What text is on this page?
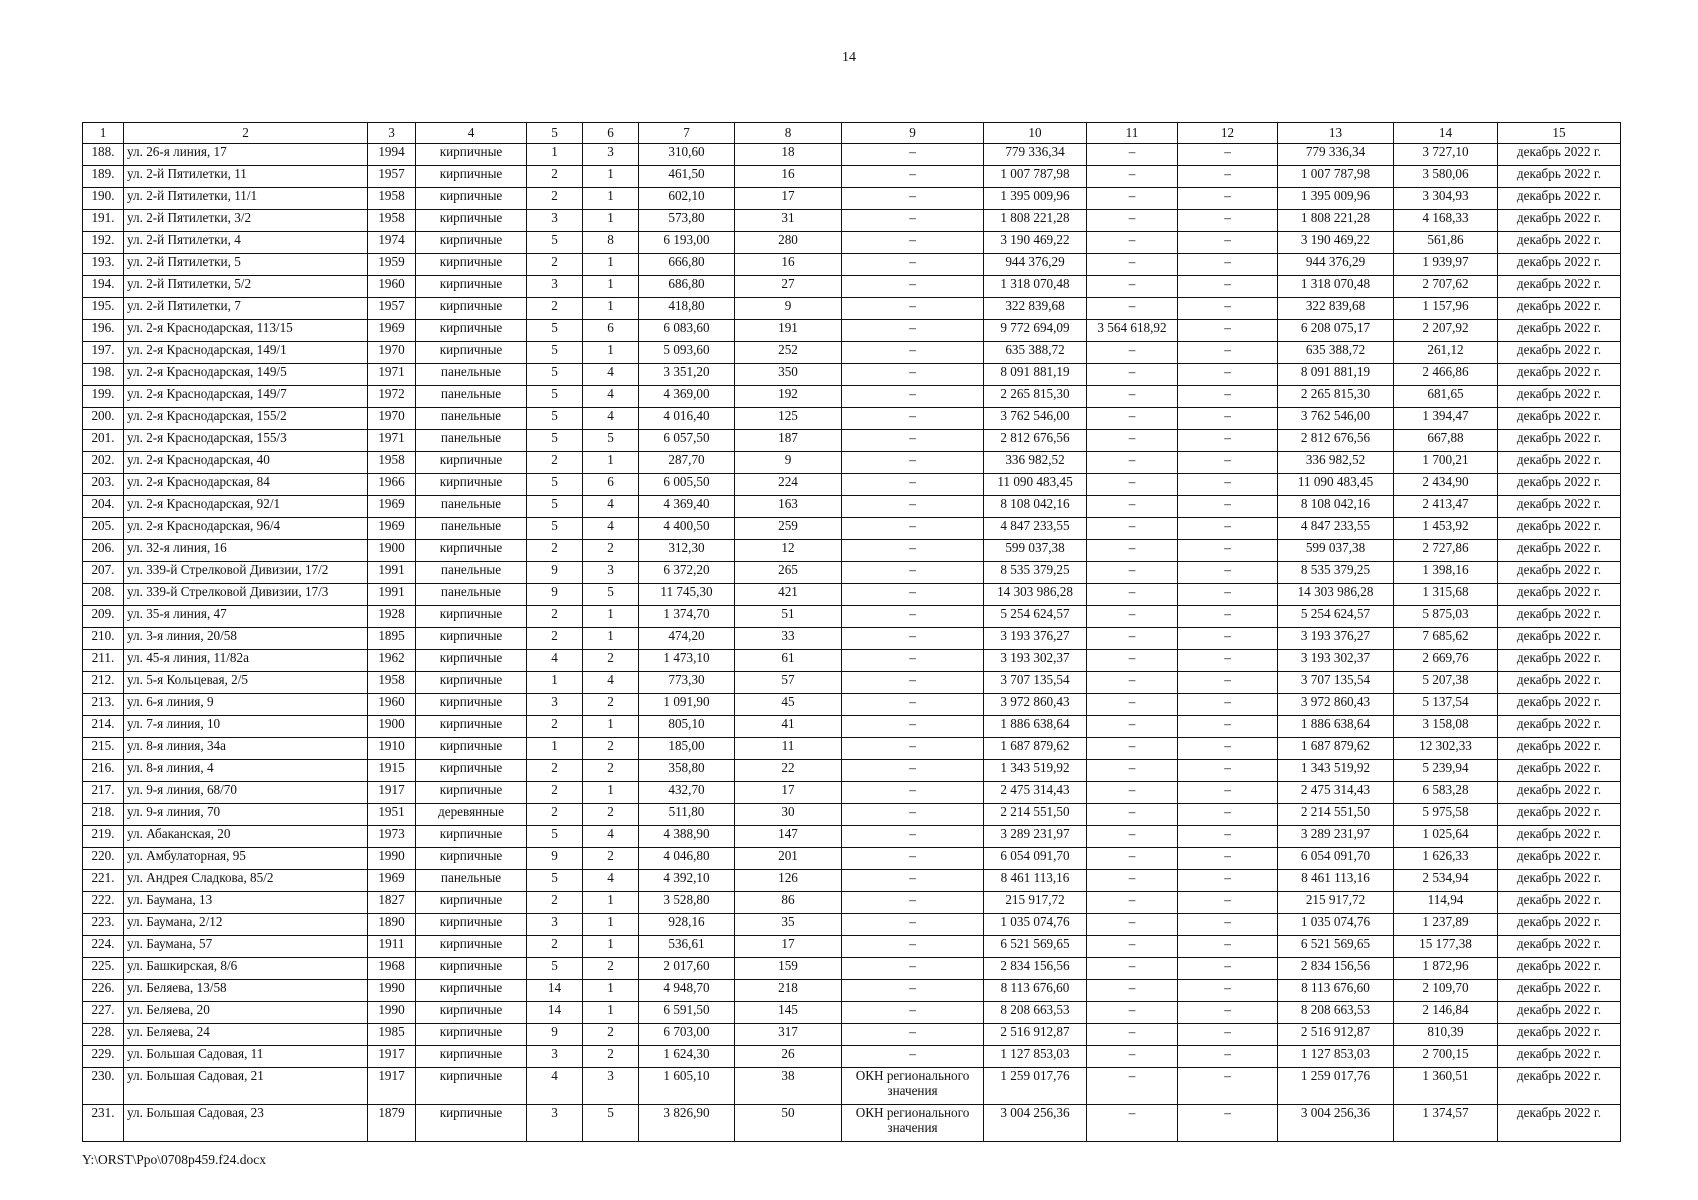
14
1	2	3	4	5	6	7	8	9	10	11	12	13	14	15
188.	ул. 26-я линия, 17	1994	кирпичные	1	3	310,60	18	–	779 336,34	–	–	779 336,34	3 727,10	декабрь 2022 г.
189.	ул. 2-й Пятилетки, 11	1957	кирпичные	2	1	461,50	16	–	1 007 787,98	–	–	1 007 787,98	3 580,06	декабрь 2022 г.
190.	ул. 2-й Пятилетки, 11/1	1958	кирпичные	2	1	602,10	17	–	1 395 009,96	–	–	1 395 009,96	3 304,93	декабрь 2022 г.
191.	ул. 2-й Пятилетки, 3/2	1958	кирпичные	3	1	573,80	31	–	1 808 221,28	–	–	1 808 221,28	4 168,33	декабрь 2022 г.
192.	ул. 2-й Пятилетки, 4	1974	кирпичные	5	8	6 193,00	280	–	3 190 469,22	–	–	3 190 469,22	561,86	декабрь 2022 г.
193.	ул. 2-й Пятилетки, 5	1959	кирпичные	2	1	666,80	16	–	944 376,29	–	–	944 376,29	1 939,97	декабрь 2022 г.
194.	ул. 2-й Пятилетки, 5/2	1960	кирпичные	3	1	686,80	27	–	1 318 070,48	–	–	1 318 070,48	2 707,62	декабрь 2022 г.
195.	ул. 2-й Пятилетки, 7	1957	кирпичные	2	1	418,80	9	–	322 839,68	–	–	322 839,68	1 157,96	декабрь 2022 г.
196.	ул. 2-я Краснодарская, 113/15	1969	кирпичные	5	6	6 083,60	191	–	9 772 694,09	3 564 618,92	–	6 208 075,17	2 207,92	декабрь 2022 г.
197.	ул. 2-я Краснодарская, 149/1	1970	кирпичные	5	1	5 093,60	252	–	635 388,72	–	–	635 388,72	261,12	декабрь 2022 г.
198.	ул. 2-я Краснодарская, 149/5	1971	панельные	5	4	3 351,20	350	–	8 091 881,19	–	–	8 091 881,19	2 466,86	декабрь 2022 г.
199.	ул. 2-я Краснодарская, 149/7	1972	панельные	5	4	4 369,00	192	–	2 265 815,30	–	–	2 265 815,30	681,65	декабрь 2022 г.
200.	ул. 2-я Краснодарская, 155/2	1970	панельные	5	4	4 016,40	125	–	3 762 546,00	–	–	3 762 546,00	1 394,47	декабрь 2022 г.
201.	ул. 2-я Краснодарская, 155/3	1971	панельные	5	5	6 057,50	187	–	2 812 676,56	–	–	2 812 676,56	667,88	декабрь 2022 г.
202.	ул. 2-я Краснодарская, 40	1958	кирпичные	2	1	287,70	9	–	336 982,52	–	–	336 982,52	1 700,21	декабрь 2022 г.
203.	ул. 2-я Краснодарская, 84	1966	кирпичные	5	6	6 005,50	224	–	11 090 483,45	–	–	11 090 483,45	2 434,90	декабрь 2022 г.
204.	ул. 2-я Краснодарская, 92/1	1969	панельные	5	4	4 369,40	163	–	8 108 042,16	–	–	8 108 042,16	2 413,47	декабрь 2022 г.
205.	ул. 2-я Краснодарская, 96/4	1969	панельные	5	4	4 400,50	259	–	4 847 233,55	–	–	4 847 233,55	1 453,92	декабрь 2022 г.
206.	ул. 32-я линия, 16	1900	кирпичные	2	2	312,30	12	–	599 037,38	–	–	599 037,38	2 727,86	декабрь 2022 г.
207.	ул. 339-й Стрелковой Дивизии, 17/2	1991	панельные	9	3	6 372,20	265	–	8 535 379,25	–	–	8 535 379,25	1 398,16	декабрь 2022 г.
208.	ул. 339-й Стрелковой Дивизии, 17/3	1991	панельные	9	5	11 745,30	421	–	14 303 986,28	–	–	14 303 986,28	1 315,68	декабрь 2022 г.
209.	ул. 35-я линия, 47	1928	кирпичные	2	1	1 374,70	51	–	5 254 624,57	–	–	5 254 624,57	5 875,03	декабрь 2022 г.
210.	ул. 3-я линия, 20/58	1895	кирпичные	2	1	474,20	33	–	3 193 376,27	–	–	3 193 376,27	7 685,62	декабрь 2022 г.
211.	ул. 45-я линия, 11/82а	1962	кирпичные	4	2	1 473,10	61	–	3 193 302,37	–	–	3 193 302,37	2 669,76	декабрь 2022 г.
212.	ул. 5-я Кольцевая, 2/5	1958	кирпичные	1	4	773,30	57	–	3 707 135,54	–	–	3 707 135,54	5 207,38	декабрь 2022 г.
213.	ул. 6-я линия, 9	1960	кирпичные	3	2	1 091,90	45	–	3 972 860,43	–	–	3 972 860,43	5 137,54	декабрь 2022 г.
214.	ул. 7-я линия, 10	1900	кирпичные	2	1	805,10	41	–	1 886 638,64	–	–	1 886 638,64	3 158,08	декабрь 2022 г.
215.	ул. 8-я линия, 34а	1910	кирпичные	1	2	185,00	11	–	1 687 879,62	–	–	1 687 879,62	12 302,33	декабрь 2022 г.
216.	ул. 8-я линия, 4	1915	кирпичные	2	2	358,80	22	–	1 343 519,92	–	–	1 343 519,92	5 239,94	декабрь 2022 г.
217.	ул. 9-я линия, 68/70	1917	кирпичные	2	1	432,70	17	–	2 475 314,43	–	–	2 475 314,43	6 583,28	декабрь 2022 г.
218.	ул. 9-я линия, 70	1951	деревянные	2	2	511,80	30	–	2 214 551,50	–	–	2 214 551,50	5 975,58	декабрь 2022 г.
219.	ул. Абаканская, 20	1973	кирпичные	5	4	4 388,90	147	–	3 289 231,97	–	–	3 289 231,97	1 025,64	декабрь 2022 г.
220.	ул. Амбулаторная, 95	1990	кирпичные	9	2	4 046,80	201	–	6 054 091,70	–	–	6 054 091,70	1 626,33	декабрь 2022 г.
221.	ул. Андрея Сладкова, 85/2	1969	панельные	5	4	4 392,10	126	–	8 461 113,16	–	–	8 461 113,16	2 534,94	декабрь 2022 г.
222.	ул. Баумана, 13	1827	кирпичные	2	1	3 528,80	86	–	215 917,72	–	–	215 917,72	114,94	декабрь 2022 г.
223.	ул. Баумана, 2/12	1890	кирпичные	3	1	928,16	35	–	1 035 074,76	–	–	1 035 074,76	1 237,89	декабрь 2022 г.
224.	ул. Баумана, 57	1911	кирпичные	2	1	536,61	17	–	6 521 569,65	–	–	6 521 569,65	15 177,38	декабрь 2022 г.
225.	ул. Башкирская, 8/6	1968	кирпичные	5	2	2 017,60	159	–	2 834 156,56	–	–	2 834 156,56	1 872,96	декабрь 2022 г.
226.	ул. Беляева, 13/58	1990	кирпичные	14	1	4 948,70	218	–	8 113 676,60	–	–	8 113 676,60	2 109,70	декабрь 2022 г.
227.	ул. Беляева, 20	1990	кирпичные	14	1	6 591,50	145	–	8 208 663,53	–	–	8 208 663,53	2 146,84	декабрь 2022 г.
228.	ул. Беляева, 24	1985	кирпичные	9	2	6 703,00	317	–	2 516 912,87	–	–	2 516 912,87	810,39	декабрь 2022 г.
229.	ул. Большая Садовая, 11	1917	кирпичные	3	2	1 624,30	26	–	1 127 853,03	–	–	1 127 853,03	2 700,15	декабрь 2022 г.
230.	ул. Большая Садовая, 21	1917	кирпичные	4	3	1 605,10	38	ОКН регионального значения	1 259 017,76	–	–	1 259 017,76	1 360,51	декабрь 2022 г.
231.	ул. Большая Садовая, 23	1879	кирпичные	3	5	3 826,90	50	ОКН регионального значения	3 004 256,36	–	–	3 004 256,36	1 374,57	декабрь 2022 г.
Y:\ORST\Ppo\0708p459.f24.docx
